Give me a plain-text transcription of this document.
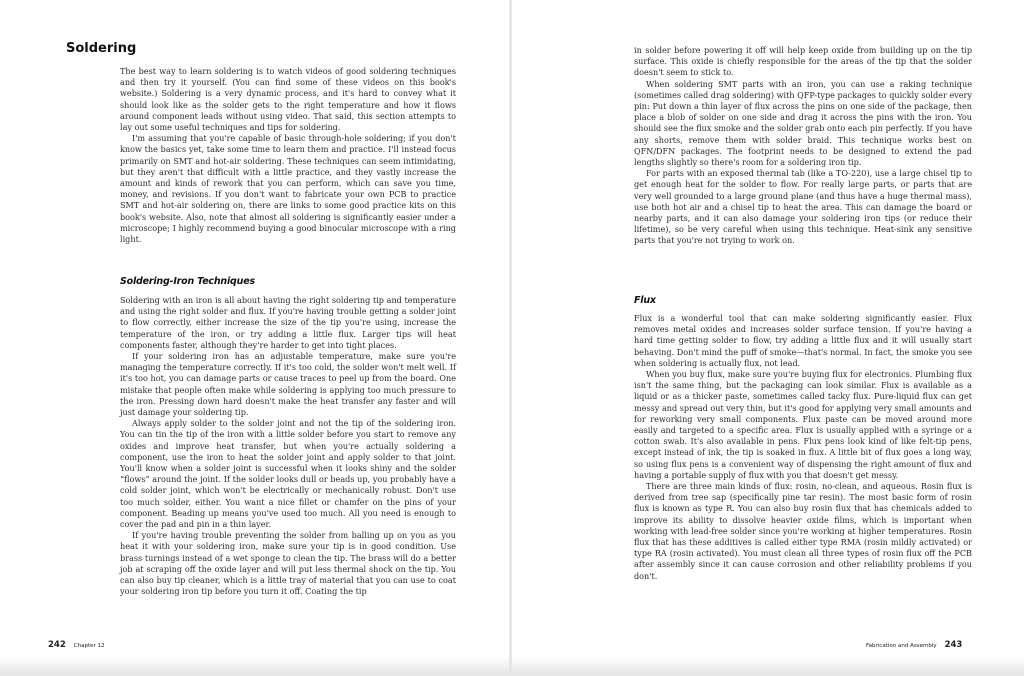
Soldering

The best way to learn soldering is to watch videos of good soldering techniques and then try it yourself. (You can find some of these videos on this book's website.) Soldering is a very dynamic process, and it's hard to convey what it should look like as the solder gets to the right temperature and how it flows around component leads without using video. That said, this section attempts to lay out some useful techniques and tips for soldering.

I'm assuming that you're capable of basic through-hole soldering; if you don't know the basics yet, take some time to learn them and practice. I'll instead focus primarily on SMT and hot-air soldering. These techniques can seem intimidating, but they aren't that difficult with a little practice, and they vastly increase the amount and kinds of rework that you can perform, which can save you time, money, and revisions. If you don't want to fabricate your own PCB to practice SMT and hot-air soldering on, there are links to some good practice kits on this book's website. Also, note that almost all soldering is significantly easier under a microscope; I highly recommend buying a good binocular microscope with a ring light.

Soldering-Iron Techniques

Soldering with an iron is all about having the right soldering tip and temperature and using the right solder and flux. If you're having trouble getting a solder joint to flow correctly, either increase the size of the tip you're using, increase the temperature of the iron, or try adding a little flux. Larger tips will heat components faster, although they're harder to get into tight places.

If your soldering iron has an adjustable temperature, make sure you're managing the temperature correctly. If it's too cold, the solder won't melt well. If it's too hot, you can damage parts or cause traces to peel up from the board. One mistake that people often make while soldering is applying too much pressure to the iron. Pressing down hard doesn't make the heat transfer any faster and will just damage your soldering tip.

Always apply solder to the solder joint and not the tip of the soldering iron. You can tin the tip of the iron with a little solder before you start to remove any oxides and improve heat transfer, but when you're actually soldering a component, use the iron to heat the solder joint and apply solder to that joint. You'll know when a solder joint is successful when it looks shiny and the solder “flows” around the joint. If the solder looks dull or beads up, you probably have a cold solder joint, which won't be electrically or mechanically robust. Don't use too much solder, either. You want a nice fillet or chamfer on the pins of your component. Beading up means you've used too much. All you need is enough to cover the pad and pin in a thin layer.

If you're having trouble preventing the solder from balling up on you as you heat it with your soldering iron, make sure your tip is in good condition. Use brass turnings instead of a wet sponge to clean the tip. The brass will do a better job at scraping off the oxide layer and will put less thermal shock on the tip. You can also buy tip cleaner, which is a little tray of material that you can use to coat your soldering iron tip before you turn it off. Coating the tip

242 Chapter 12

in solder before powering it off will help keep oxide from building up on the tip surface. This oxide is chiefly responsible for the areas of the tip that the solder doesn't seem to stick to.

When soldering SMT parts with an iron, you can use a raking technique (sometimes called drag soldering) with QFP-type packages to quickly solder every pin: Put down a thin layer of flux across the pins on one side of the package, then place a blob of solder on one side and drag it across the pins with the iron. You should see the flux smoke and the solder grab onto each pin perfectly. If you have any shorts, remove them with solder braid. This technique works best on QFN/DFN packages. The footprint needs to be designed to extend the pad lengths slightly so there's room for a soldering iron tip.

For parts with an exposed thermal tab (like a TO-220), use a large chisel tip to get enough heat for the solder to flow. For really large parts, or parts that are very well grounded to a large ground plane (and thus have a huge thermal mass), use both hot air and a chisel tip to heat the area. This can damage the board or nearby parts, and it can also damage your soldering iron tips (or reduce their lifetime), so be very careful when using this technique. Heat-sink any sensitive parts that you're not trying to work on.

Flux

Flux is a wonderful tool that can make soldering significantly easier. Flux removes metal oxides and increases solder surface tension. If you're having a hard time getting solder to flow, try adding a little flux and it will usually start behaving. Don't mind the puff of smoke—that's normal. In fact, the smoke you see when soldering is actually flux, not lead.

When you buy flux, make sure you're buying flux for electronics. Plumbing flux isn't the same thing, but the packaging can look similar. Flux is available as a liquid or as a thicker paste, sometimes called tacky flux. Pure-liquid flux can get messy and spread out very thin, but it's good for applying very small amounts and for reworking very small components. Flux paste can be moved around more easily and targeted to a specific area. Flux is usually applied with a syringe or a cotton swab. It's also available in pens. Flux pens look kind of like felt-tip pens, except instead of ink, the tip is soaked in flux. A little bit of flux goes a long way, so using flux pens is a convenient way of dispensing the right amount of flux and having a portable supply of flux with you that doesn't get messy.

There are three main kinds of flux: rosin, no-clean, and aqueous. Rosin flux is derived from tree sap (specifically pine tar resin). The most basic form of rosin flux is known as type R. You can also buy rosin flux that has chemicals added to improve its ability to dissolve heavier oxide films, which is important when working with lead-free solder since you're working at higher temperatures. Rosin flux that has these additives is called either type RMA (rosin mildly activated) or type RA (rosin activated). You must clean all three types of rosin flux off the PCB after assembly since it can cause corrosion and other reliability problems if you don't.

Fabrication and Assembly 243
